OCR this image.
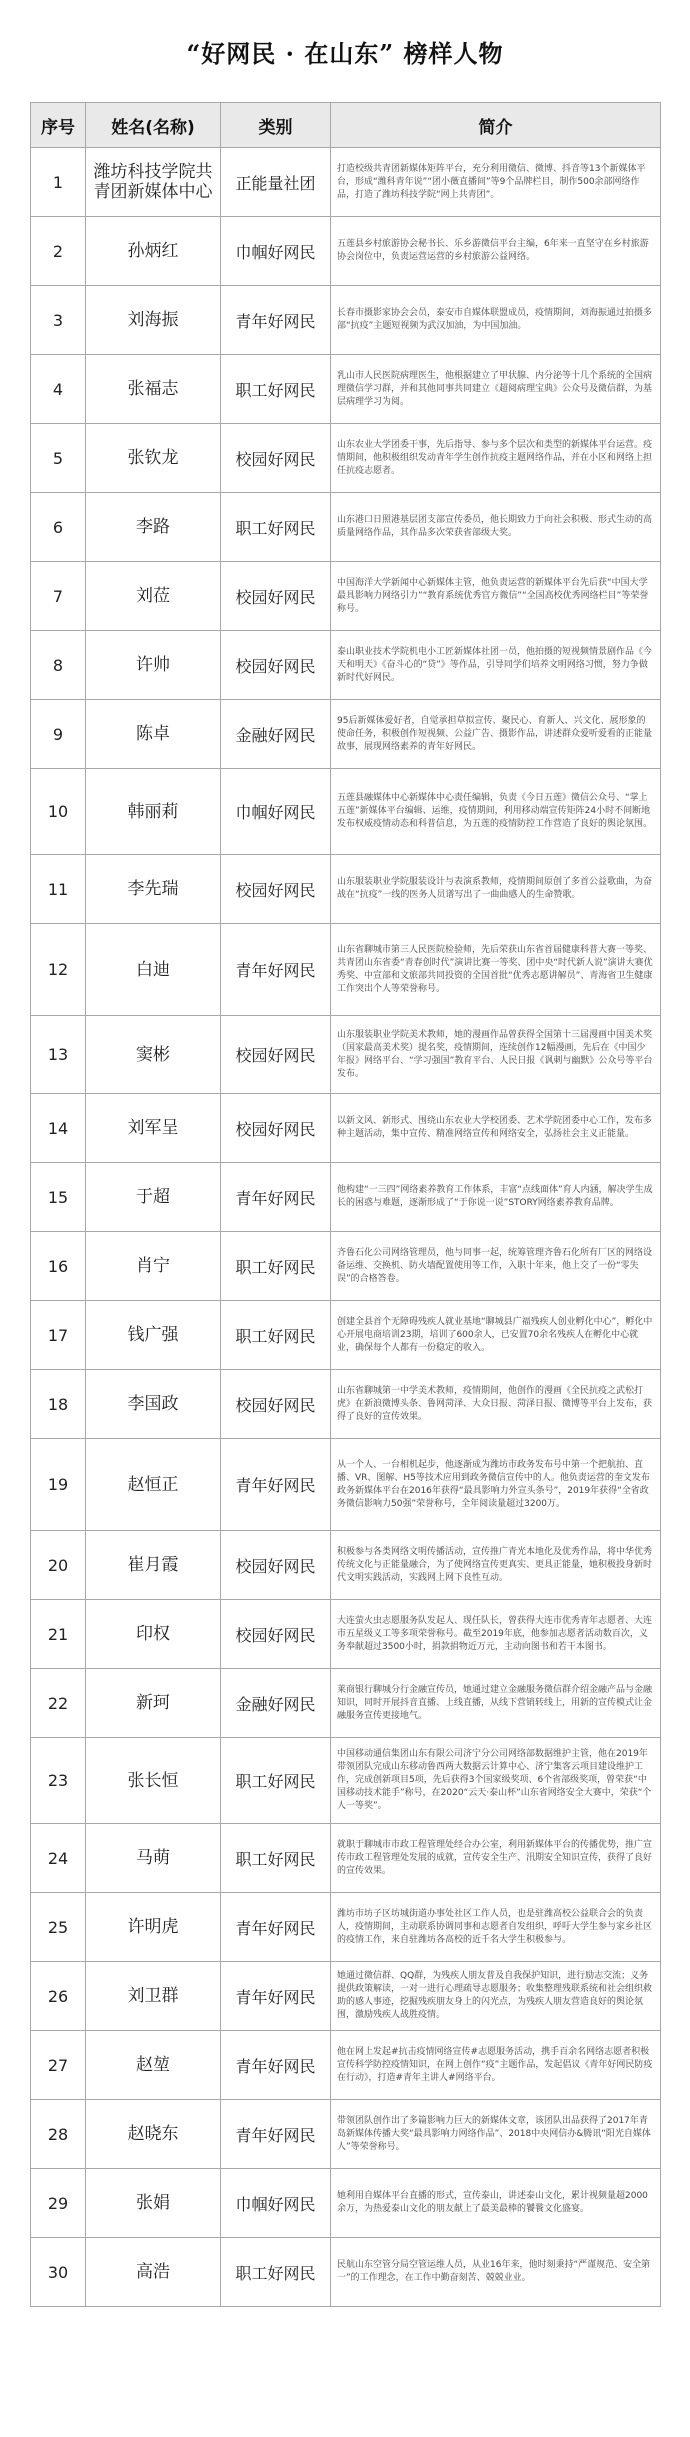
“好网民 · 在山东” 榜样人物
序号	姓名(名称)	类别	简介
1	潍坊科技学院共青团新媒体中心	正能量社团	打造校级共青团新媒体矩阵平台，充分利用微信、微博、抖音等13个新媒体平台，形成“潍科青年说”“团小薇直播间”等9个品牌栏目，制作500余部网络作品，打造了潍坊科技学院“网上共青团”。
2	孙炳红	巾帼好网民	五莲县乡村旅游协会秘书长、乐乡游微信平台主编，6年来一直坚守在乡村旅游协会岗位中，负责运营运营的乡村旅游公益网络。
3	刘海振	青年好网民	长春市摄影家协会会员，泰安市自媒体联盟成员，疫情期间，刘海振通过拍摄多部“抗疫”主题短视频为武汉加油，为中国加油。
4	张福志	职工好网民	乳山市人民医院病理医生，他根据建立了甲状腺、内分泌等十几个系统的全国病理微信学习群，并和其他同事共同建立《超阅病理宝典》公众号及微信群，为基层病理学习为阅。
5	张钦龙	校园好网民	山东农业大学团委干事，先后指导、参与多个层次和类型的新媒体平台运营。疫情期间，他积极组织发动青年学生创作抗疫主题网络作品，并在小区和网络上担任抗疫志愿者。
6	李路	职工好网民	山东港口日照港基层团支部宣传委员，他长期致力于向社会积极、形式生动的高质量网络作品，其作品多次荣获省部级大奖。
7	刘莅	校园好网民	中国海洋大学新闻中心新媒体主管，他负责运营的新媒体平台先后获“中国大学最具影响力网络引力”“教育系统优秀官方微信”“全国高校优秀网络栏目”等荣誉称号。
8	许帅	校园好网民	泰山职业技术学院机电小工匠新媒体社团一员，他拍摄的短视频情景剧作品《今天和明天》《奋斗心的“贷”》等作品，引导同学们培养文明网络习惯，努力争做新时代好网民。
9	陈卓	金融好网民	95后新媒体爱好者，自觉承担草拟宣传、聚民心、育新人、兴文化、展形象的使命任务，积极创作短视频、公益广告、摄影作品，讲述群众爱听爱看的正能量故事，展现网络素养的青年好网民。
10	韩丽莉	巾帼好网民	五莲县融媒体中心新媒体中心责任编辑，负责《今日五莲》微信公众号、“掌上五莲”新媒体平台编辑、运维，疫情期间，利用移动端宣传矩阵24小时不间断地发布权威疫情动态和科普信息，为五莲的疫情防控工作营造了良好的舆论氛围。
11	李先瑞	校园好网民	山东服装职业学院服装设计与表演系教师，疫情期间原创了多首公益歌曲，为奋战在“抗疫”一线的医务人员谱写出了一曲曲感人的生命赞歌。
12	白迪	青年好网民	山东省聊城市第三人民医院检验师，先后荣获山东省首届健康科普大赛一等奖、共青团山东省委“青春创时代”演讲比赛一等奖、团中央“时代新人说”演讲大赛优秀奖、中宣部和文旅部共同投资的全国首批“优秀志愿讲解员”、青海省卫生健康工作突出个人等荣誉称号。
13	窦彬	校园好网民	山东服装职业学院美术教师，她的漫画作品曾获得全国第十三届漫画中国美术奖（国家最高美术奖）提名奖，疫情期间，连续创作12幅漫画，先后在《中国少年报》网络平台、“学习强国”教育平台、人民日报《讽刺与幽默》公众号等平台发布。
14	刘军呈	校园好网民	以新文风、新形式、围绕山东农业大学校团委、艺术学院团委中心工作，发布多种主题活动，集中宣传、精准网络宣传和网络安全，弘扬社会主义正能量。
15	于超	青年好网民	他构建“一三四”网络素养教育工作体系，丰富“点线面体”育人内涵，解决学生成长的困惑与难题，逐渐形成了“于你说一说”STORY网络素养教育品牌。
16	肖宁	职工好网民	齐鲁石化公司网络管理员，他与同事一起，统筹管理齐鲁石化所有厂区的网络设备运维、交换机、防火墙配置使用等工作，入职十年来，他上交了一份“零失误”的合格答卷。
17	钱广强	职工好网民	创建全县首个无障碍残疾人就业基地“聊城县广福残疾人创业孵化中心”，孵化中心开展电商培训23期，培训了600余人，已安置70余名残疾人在孵化中心就业，确保每个人都有一份稳定的收入。
18	李国政	校园好网民	山东省聊城第一中学美术教师，疫情期间，他创作的漫画《全民抗疫之武松打虎》在新浪微博头条、鲁网菏泽、大众日报、菏泽日报、微博等平台上发布，获得了良好的宣传效果。
19	赵恒正	青年好网民	从一个人、一台相机起步，他逐渐成为潍坊市政务发布号中第一个把航拍、直播、VR、图解、H5等技术应用到政务微信宣传中的人。他负责运营的奎文发布政务新媒体平台在2016年获得“最具影响力外宣头条号”，2019年获得“全省政务微信影响力50强”荣誉称号，全年阅读量超过3200万。
20	崔月霞	校园好网民	积极参与各类网络文明传播活动，宣传推广青光本地化及优秀作品，将中华优秀传统文化与正能量融合，为了使网络宣传更真实、更具正能量，她积极投身新时代文明实践活动，实践网上网下良性互动。
21	印权	校园好网民	大连萤火虫志愿服务队发起人、现任队长，曾获得大连市优秀青年志愿者、大连市五星级义工等多项荣誉称号。截至2019年底，他参加志愿者活动数百次，义务奉献超过3500小时，捐款捐物近万元，主动向图书和若干本图书。
22	新珂	金融好网民	莱商银行聊城分行金融宣传员，她通过建立金融服务微信群介绍金融产品与金融知识，同时开展抖音直播、上线直播，从线下营销转线上，用新的宣传模式让金融服务宣传更接地气。
23	张长恒	职工好网民	中国移动通信集团山东有限公司济宁分公司网络部数据维护主管，他在2019年带领团队完成山东移动鲁西两大数据云计算中心、济宁集客云项目建设维护工作，完成创新项目5项，先后获得3个国家级奖项、6个省部级奖项，曾荣获“中国移动技术能手”称号，在2020“云天·泰山杯”山东省网络安全大赛中，荣获“个人一等奖”。
24	马萌	职工好网民	就职于聊城市市政工程管理处经合办公室，利用新媒体平台的传播优势，推广宣传市政工程管理处发展的成就，宣传安全生产、汛期安全知识宣传，获得了良好的宣传效果。
25	许明虎	青年好网民	潍坊市坊子区坊城街道办事处社区工作人员，也是驻潍高校公益联合会的负责人，疫情期间，主动联系协调同事和志愿者自发组织，呼吁大学生参与家乡社区的疫情工作，来自驻潍坊各高校的近千名大学生积极参与。
26	刘卫群	青年好网民	她通过微信群、QQ群，为残疾人朋友普及自我保护知识，进行励志交流；义务提供政策解读，一对一进行心理疏导志愿服务；收集整理残联系统和社会组织救助的感人事迹，挖掘残疾朋友身上的闪光点，为残疾人朋友营造良好的舆论氛围，激励残疾人战胜疫情。
27	赵堃	青年好网民	他在网上发起#抗击疫情网络宣传#志愿服务活动，携手百余名网络志愿者积极宣传科学防控疫情知识，在网上创作“疫”主题作品，发起倡议《青年好网民防疫在行动》，打造#青年主讲人#网络平台。
28	赵晓东	青年好网民	带领团队创作出了多篇影响力巨大的新媒体文章，该团队出品获得了2017年青岛新媒体传播大奖“最具影响力网络作品”、2018中央网信办&腾讯“阳光自媒体人”等荣誉称号。
29	张娟	巾帼好网民	她利用自媒体平台直播的形式，宣传泰山，讲述泰山文化，累计视频量超2000余万，为热爱泰山文化的朋友献上了最美最棒的饕餮文化盛宴。
30	高浩	职工好网民	民航山东空管分局空管运维人员，从业16年来，他时刻秉持“严谨规范、安全第一”的工作理念，在工作中勤奋刻苦、兢兢业业。
